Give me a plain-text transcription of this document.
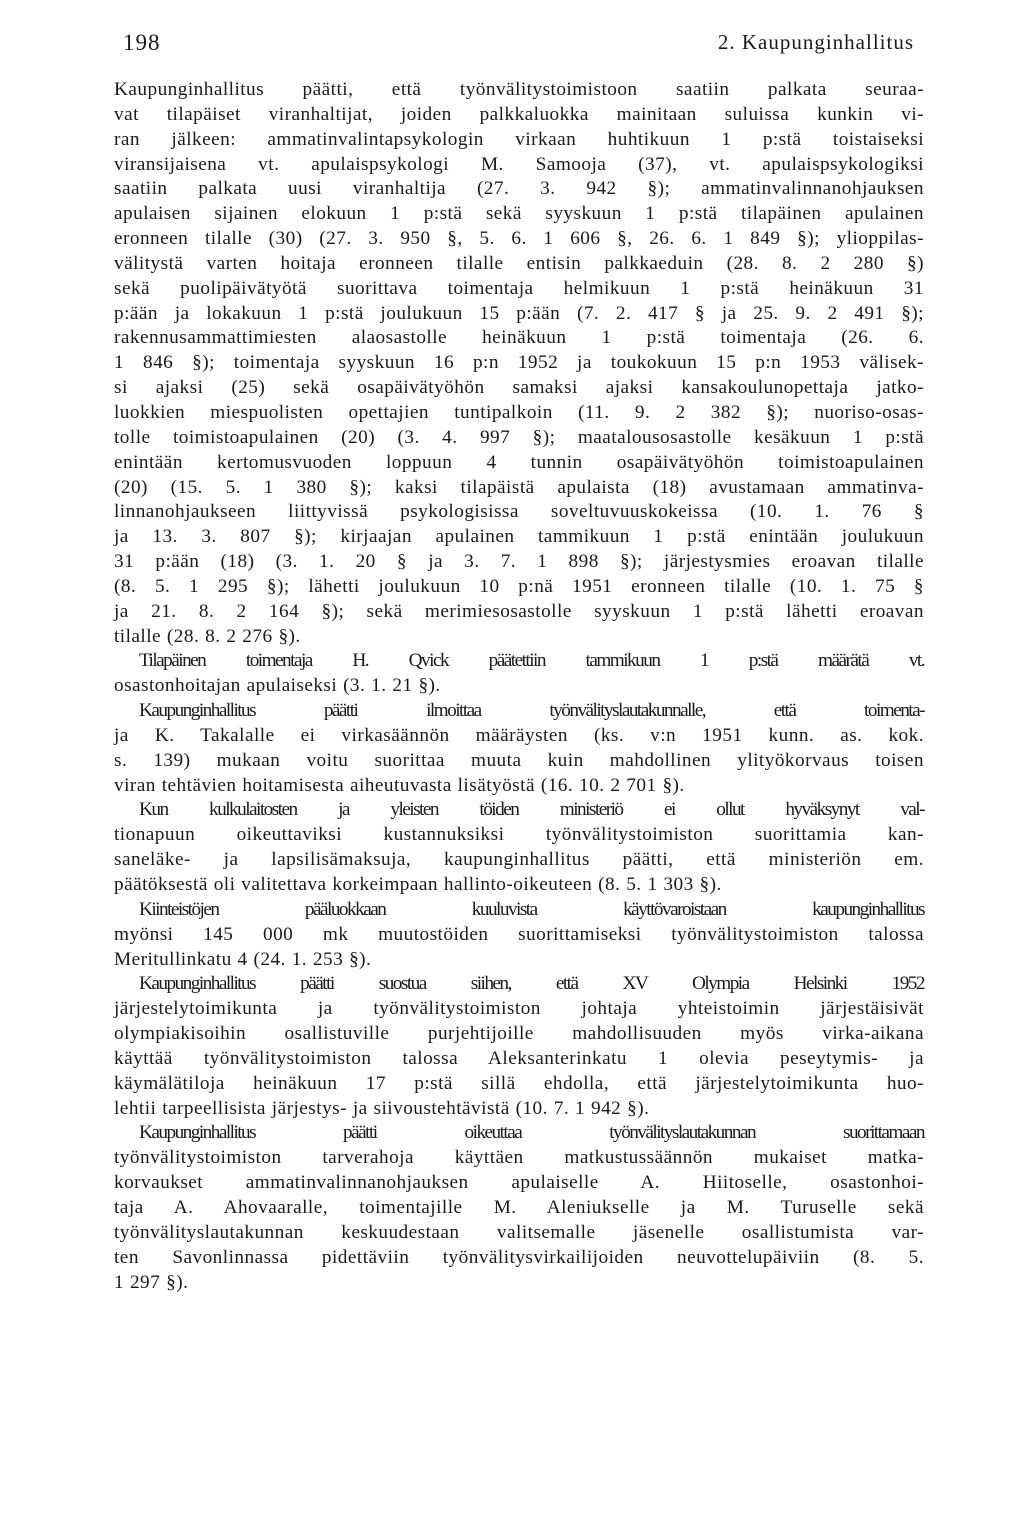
198	2. Kaupunginhallitus
Kaupunginhallitus päätti, että työnvälitystoimistoon saatiin palkata seuraa-
vat tilapäiset viranhaltijat, joiden palkkaluokka mainitaan suluissa kunkin vi-
ran jälkeen: ammatinvalintapsykologin virkaan huhtikuun 1 p:stä toistaiseksi
viransijaisena vt. apulaispsykologi M. Samooja (37), vt. apulaispsykologiksi
saatiin palkata uusi viranhaltija (27. 3. 942 §); ammatinvalinnanohjauksen
apulaisen sijainen elokuun 1 p:stä sekä syyskuun 1 p:stä tilapäinen apulainen
eronneen tilalle (30) (27. 3. 950 §, 5. 6. 1 606 §, 26. 6. 1 849 §); ylioppilas-
välitystä varten hoitaja eronneen tilalle entisin palkkaeduin (28. 8. 2 280 §)
sekä puolipäivätyötä suorittava toimentaja helmikuun 1 p:stä heinäkuun 31
p:ään ja lokakuun 1 p:stä joulukuun 15 p:ään (7. 2. 417 § ja 25. 9. 2 491 §);
rakennusammattimiesten alaosastolle heinäkuun 1 p:stä toimentaja (26. 6.
1 846 §); toimentaja syyskuun 16 p:n 1952 ja toukokuun 15 p:n 1953 välisek-
si ajaksi (25) sekä osapäivätyöhön samaksi ajaksi kansakoulunopettaja jatko-
luokkien miespuolisten opettajien tuntipalkoin (11. 9. 2 382 §); nuoriso-osas-
tolle toimistoapulainen (20) (3. 4. 997 §); maatalousosastolle kesäkuun 1 p:stä
enintään kertomusvuoden loppuun 4 tunnin osapäivätyöhön toimistoapulainen
(20) (15. 5. 1 380 §); kaksi tilapäistä apulaista (18) avustamaan ammatinva-
linnanohjaukseen liittyvissä psykologisissa soveltuvuuskokeissa (10. 1. 76 §
ja 13. 3. 807 §); kirjaajan apulainen tammikuun 1 p:stä enintään joulukuun
31 p:ään (18) (3. 1. 20 § ja 3. 7. 1 898 §); järjestysmies eroavan tilalle
(8. 5. 1 295 §); lähetti joulukuun 10 p:nä 1951 eronneen tilalle (10. 1. 75 §
ja 21. 8. 2 164 §); sekä merimiesosastolle syyskuun 1 p:stä lähetti eroavan
tilalle (28. 8. 2 276 §).
Tilapäinen toimentaja H. Qvick päätettiin tammikuun 1 p:stä määrätä vt.
osastonhoitajan apulaiseksi (3. 1. 21 §).
Kaupunginhallitus päätti ilmoittaa työnvälityslautakunnalle, että toimenta-
ja K. Takalalle ei virkasäännön määräysten (ks. v:n 1951 kunn. as. kok.
s. 139) mukaan voitu suorittaa muuta kuin mahdollinen ylityökorvaus toisen
viran tehtävien hoitamisesta aiheutuvasta lisätyöstä (16. 10. 2 701 §).
Kun kulkulaitosten ja yleisten töiden ministeriö ei ollut hyväksynyt val-
tionapuun oikeuttaviksi kustannuksiksi työnvälitystoimiston suorittamia kan-
saneläke- ja lapsilisämaksuja, kaupunginhallitus päätti, että ministeriön em.
päätöksestä oli valitettava korkeimpaan hallinto-oikeuteen (8. 5. 1 303 §).
Kiinteistöjen pääluokkaan kuuluvista käyttövaroistaan kaupunginhallitus
myönsi 145 000 mk muutostöiden suorittamiseksi työnvälitystoimiston talossa
Meritullinkatu 4 (24. 1. 253 §).
Kaupunginhallitus päätti suostua siihen, että XV Olympia Helsinki 1952
järjestelytoimikunta ja työnvälitystoimiston johtaja yhteistoimin järjestäisivät
olympiakisoihin osallistuville purjehtijoille mahdollisuuden myös virka-aikana
käyttää työnvälitystoimiston talossa Aleksanterinkatu 1 olevia peseytymis- ja
käymälätiloja heinäkuun 17 p:stä sillä ehdolla, että järjestelytoimikunta huo-
lehtii tarpeellisista järjestys- ja siivoustehtävistä (10. 7. 1 942 §).
Kaupunginhallitus päätti oikeuttaa työnvälityslautakunnan suorittamaan
työnvälitystoimiston tarverahoja käyttäen matkustussäännön mukaiset matka-
korvaukset ammatinvalinnanohjauksen apulaiselle A. Hiitoselle, osastonhoi-
taja A. Ahovaaralle, toimentajille M. Aleniukselle ja M. Turuselle sekä
työnvälityslautakunnan keskuudestaan valitsemalle jäsenelle osallistumista var-
ten Savonlinnassa pidettäviin työnvälitysvirkailijoiden neuvottelupäiviin (8. 5.
1 297 §).
